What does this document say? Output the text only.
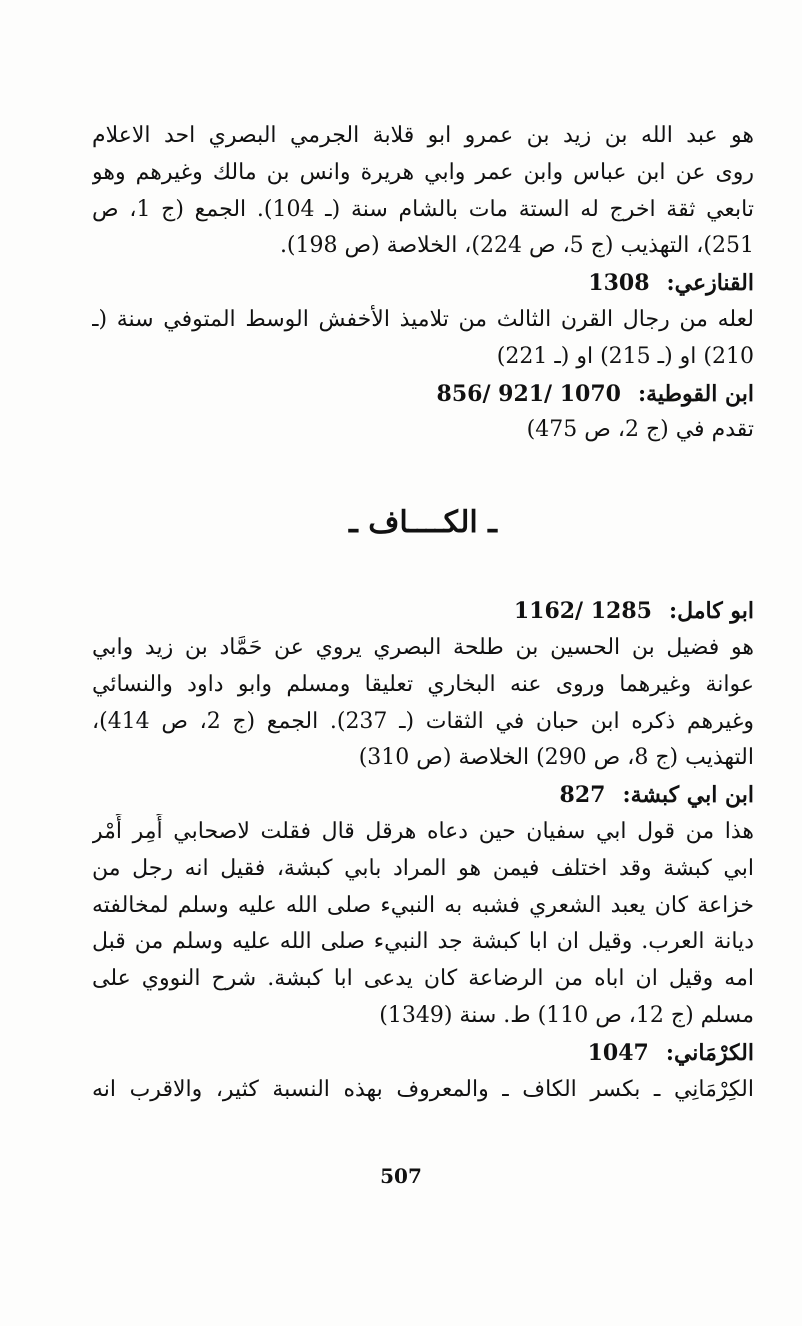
هو عبد الله بن زيد بن عمرو ابو قلابة الجرمي البصري احد الاعلام
روى عن ابن عباس وابن عمر وابي هريرة وانس بن مالك وغيرهم وهو
تابعي ثقة اخرج له الستة مات بالشام سنة (ـ 104). الجمع (ج 1، ص
251)، التهذيب (ج 5، ص 224)، الخلاصة (ص 198).
القنازعي: 1308
لعله من رجال القرن الثالث من تلاميذ الأخفش الوسط المتوفي سنة (ـ
210) او (ـ 215) او (ـ 221)
ابن القوطية: 856/ 921/ 1070
تقدم في (ج 2، ص 475)
ـ الكــــاف ـ
ابو كامل: 1162/ 1285
هو فضيل بن الحسين بن طلحة البصري يروي عن حَمَّاد بن زيد وابي
عوانة وغيرهما وروى عنه البخاري تعليقا ومسلم وابو داود والنسائي
وغيرهم ذكره ابن حبان في الثقات (ـ 237). الجمع (ج 2، ص 414)،
التهذيب (ج 8، ص 290) الخلاصة (ص 310)
ابن ابي كبشة: 827
هذا من قول ابي سفيان حين دعاه هرقل قال فقلت لاصحابي أَمِر أَمْر
ابي كبشة وقد اختلف فيمن هو المراد بابي كبشة، فقيل انه رجل من
خزاعة كان يعبد الشعري فشبه به النبيء صلى الله عليه وسلم لمخالفته
ديانة العرب. وقيل ان ابا كبشة جد النبيء صلى الله عليه وسلم من قبل
امه وقيل ان اباه من الرضاعة كان يدعى ابا كبشة. شرح النووي على
مسلم (ج 12، ص 110) ط. سنة (1349)
الكرْمَاني: 1047
الكِرْمَانِي ـ بكسر الكاف ـ والمعروف بهذه النسبة كثير، والاقرب انه
507
